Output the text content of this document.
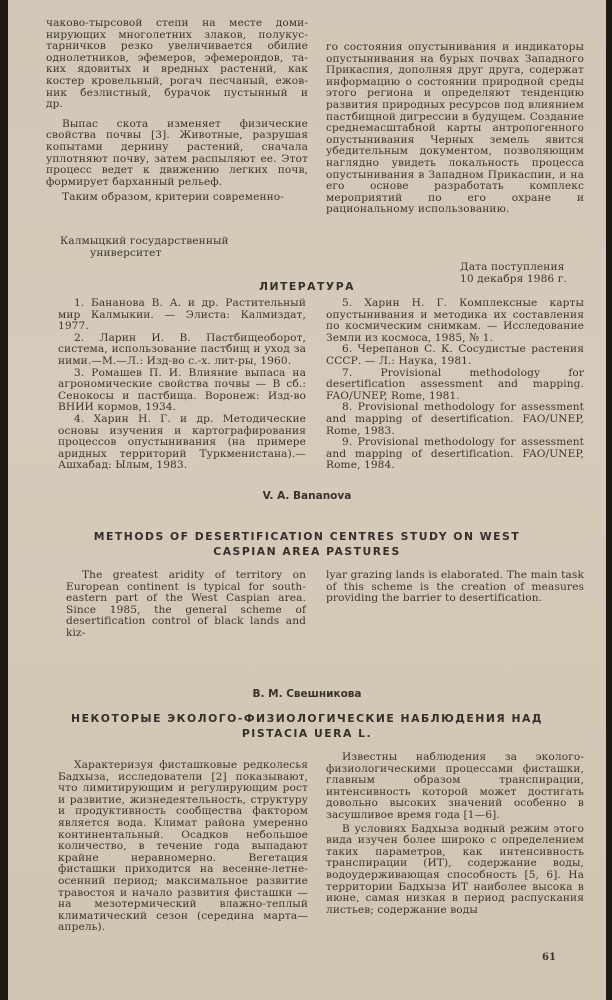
чаково-тырсовой степи на месте доми-
нирующих многолетних злаков, полукус-
тарничков резко увеличивается обилие
однолетников, эфемеров, эфемероидов, та-
ких ядовитых и вредных растений, как
костер кровельный, рогач песчаный, ежов-
ник безлистный, бурачок пустынный и
др.

Выпас скота изменяет физические свойства почвы [3]. Животные, разрушая копытами дернину растений, сначала уплотняют почву, затем распыляют ее. Этот процесс ведет к движению легких почв, формирует барханный рельеф.

Таким образом, критерии современно-

го состояния опустынивания и индикаторы опустынивания на бурых почвах Западного Прикаспия, дополняя друг друга, содержат информацию о состоянии природной среды этого региона и определяют тенденцию развития природных ресурсов под влиянием пастбищной дигрессии в будущем. Создание среднемасштабной карты антропогенного опустынивания Черных земель явится убедительным документом, позволяющим наглядно увидеть локальность процесса опустынивания в Западном Прикаспии, и на его основе разработать комплекс мероприятий по его охране и рациональному использованию.

Калмыцкий государственный
университет
Дата поступления
10 декабря 1986 г.
ЛИТЕРАТУРА

1. Бананова В. А. и др. Растительный мир Калмыкии. — Элиста: Калмиздат, 1977.

2. Ларин И. В. Пастбищеоборот, система, использование пастбищ и уход за ними.—М.—Л.: Изд-во с.-х. лит-ры, 1960.

3. Ромашев П. И. Влияние выпаса на агрономические свойства почвы — В сб.: Сенокосы и пастбища. Воронеж: Изд-во ВНИИ кормов, 1934.

4. Харин Н. Г. и др. Методические основы изучения и картографирования процессов опустынивания (на примере аридных территорий Туркменистана).—Ашхабад: Ылым, 1983.

5. Харин Н. Г. Комплексные карты опустынивания и методика их составления по космическим снимкам. — Исследование Земли из космоса, 1985, № 1.

6. Черепанов С. К. Сосудистые растения СССР. — Л.: Наука, 1981.

7. Provisional methodology for desertification assessment and mapping. FAO/UNEP, Rome, 1981.

8. Provisional methodology for assessment and mapping of desertification. FAO/UNEP, Rome, 1983.

9. Provisional methodology for assessment and mapping of desertification. FAO/UNEP, Rome, 1984.

V. A. Bananova
METHODS OF DESERTIFICATION CENTRES STUDY ON WEST
CASPIAN AREA PASTURES

The greatest aridity of territory on European continent is typical for south-eastern part of the West Caspian area. Since 1985, the general scheme of desertification control of black lands and kiz-

lyar grazing lands is elaborated. The main task of this scheme is the creation of measures providing the barrier to desertification.

В. М. Свешникова
НЕКОТОРЫЕ ЭКОЛОГО-ФИЗИОЛОГИЧЕСКИЕ НАБЛЮДЕНИЯ НАД
PISTACIA UERA L.

Характеризуя фисташковые редколесья Бадхыза, исследователи [2] показывают, что лимитирующим и регулирующим рост и развитие, жизнедеятельность, структуру и продуктивность сообщества фактором является вода. Климат района умеренно континентальный. Осадков небольшое количество, в течение года выпадают крайне неравномерно. Вегетация фисташки приходится на весенне-летне-осенний период; максимальное развитие травостоя и начало развития фисташки — на мезотермический влажно-теплый климатический сезон (середина марта—апрель).

Известны наблюдения за эколого-физиологическими процессами фисташки, главным образом транспирации, интенсивность которой может достигать довольно высоких значений особенно в засушливое время года [1—6].

В условиях Бадхыза водный режим этого вида изучен более широко с определением таких параметров, как интенсивность транспирации (ИТ), содержание воды, водоудерживающая способность [5, 6]. На территории Бадхыза ИТ наиболее высока в июне, самая низкая в период распускания листьев; содержание воды

61
